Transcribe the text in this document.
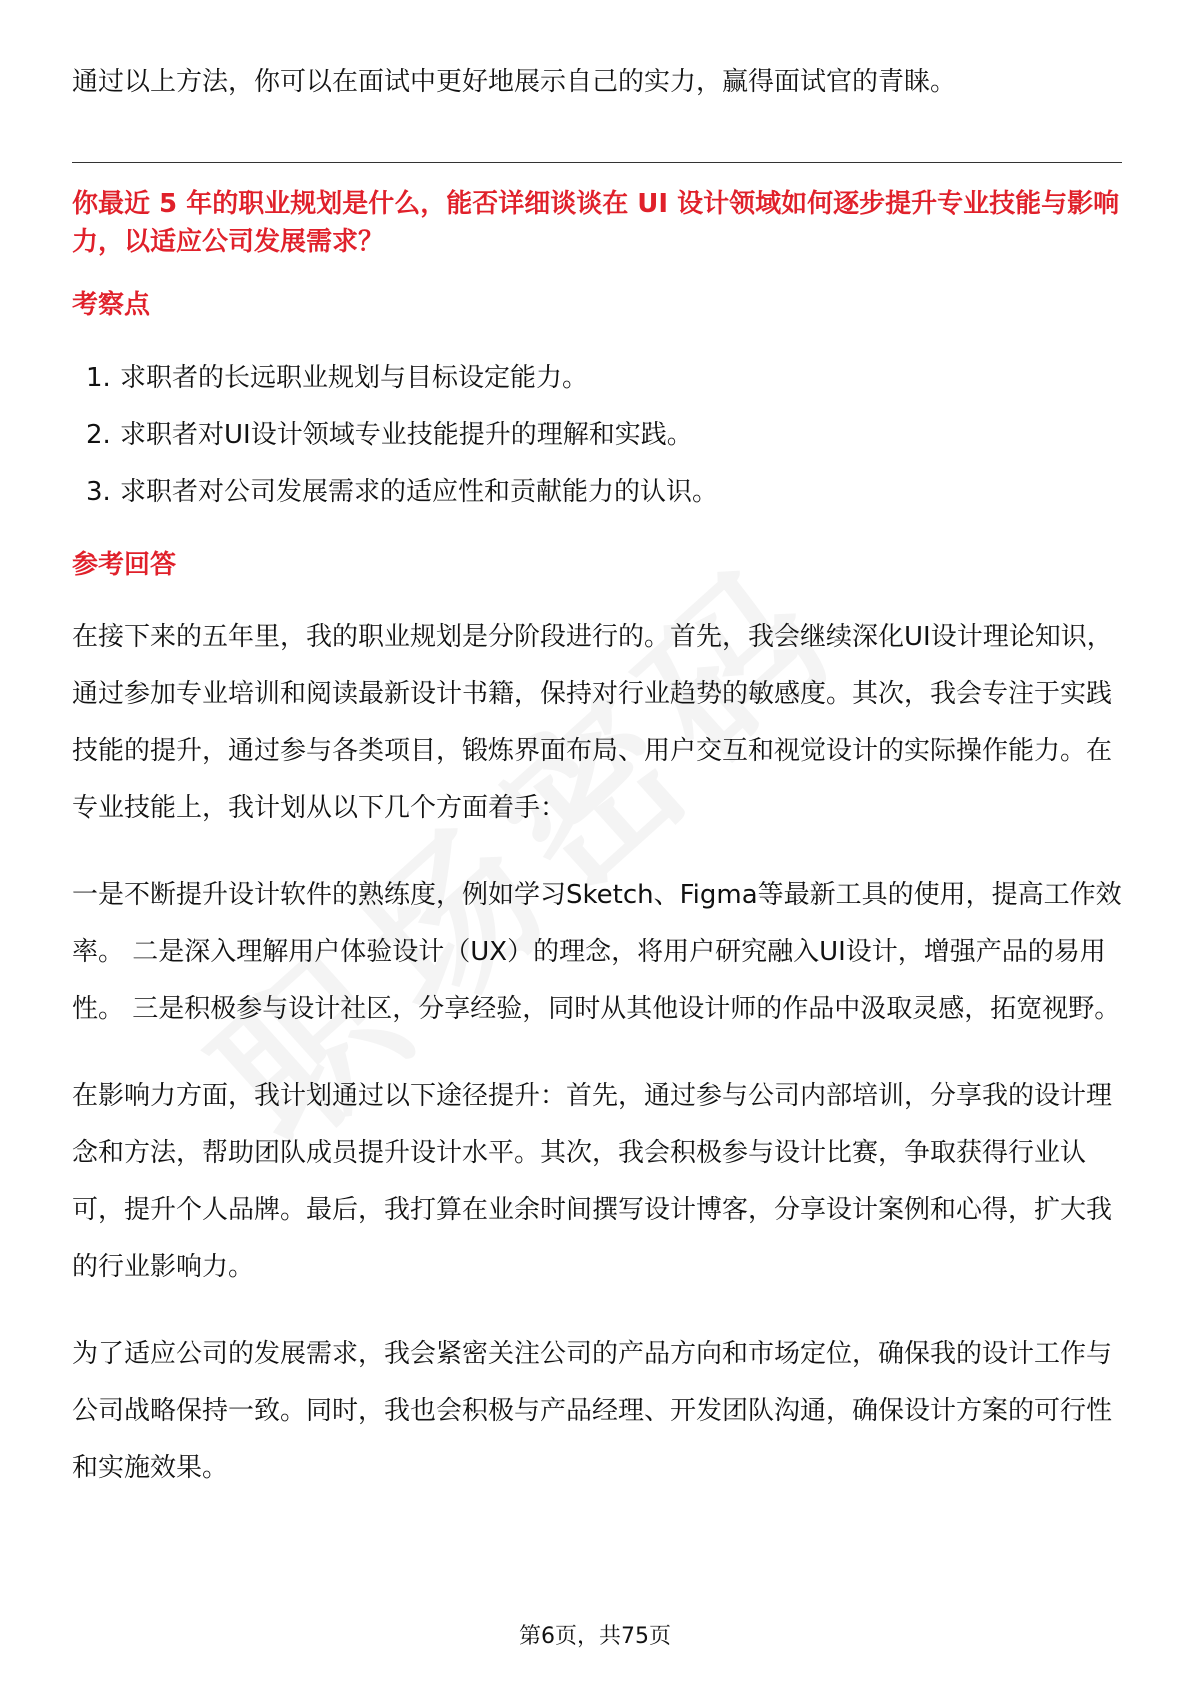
通过以上方法，你可以在面试中更好地展示自己的实力，赢得面试官的青睐。

你最近 5 年的职业规划是什么，能否详细谈谈在 UI 设计领域如何逐步提升专业技能与影响力，以适应公司发展需求？

考察点
1. 求职者的长远职业规划与目标设定能力。
2. 求职者对UI设计领域专业技能提升的理解和实践。
3. 求职者对公司发展需求的适应性和贡献能力的认识。
参考回答

在接下来的五年里，我的职业规划是分阶段进行的。首先，我会继续深化UI设计理论知识，通过参加专业培训和阅读最新设计书籍，保持对行业趋势的敏感度。其次，我会专注于实践技能的提升，通过参与各类项目，锻炼界面布局、用户交互和视觉设计的实际操作能力。在专业技能上，我计划从以下几个方面着手：

一是不断提升设计软件的熟练度，例如学习Sketch、Figma等最新工具的使用，提高工作效率。 二是深入理解用户体验设计（UX）的理念，将用户研究融入UI设计，增强产品的易用性。 三是积极参与设计社区，分享经验，同时从其他设计师的作品中汲取灵感，拓宽视野。

在影响力方面，我计划通过以下途径提升：首先，通过参与公司内部培训，分享我的设计理念和方法，帮助团队成员提升设计水平。其次，我会积极参与设计比赛，争取获得行业认可，提升个人品牌。最后，我打算在业余时间撰写设计博客，分享设计案例和心得，扩大我的行业影响力。

为了适应公司的发展需求，我会紧密关注公司的产品方向和市场定位，确保我的设计工作与公司战略保持一致。同时，我也会积极与产品经理、开发团队沟通，确保设计方案的可行性和实施效果。

第6页，共75页
